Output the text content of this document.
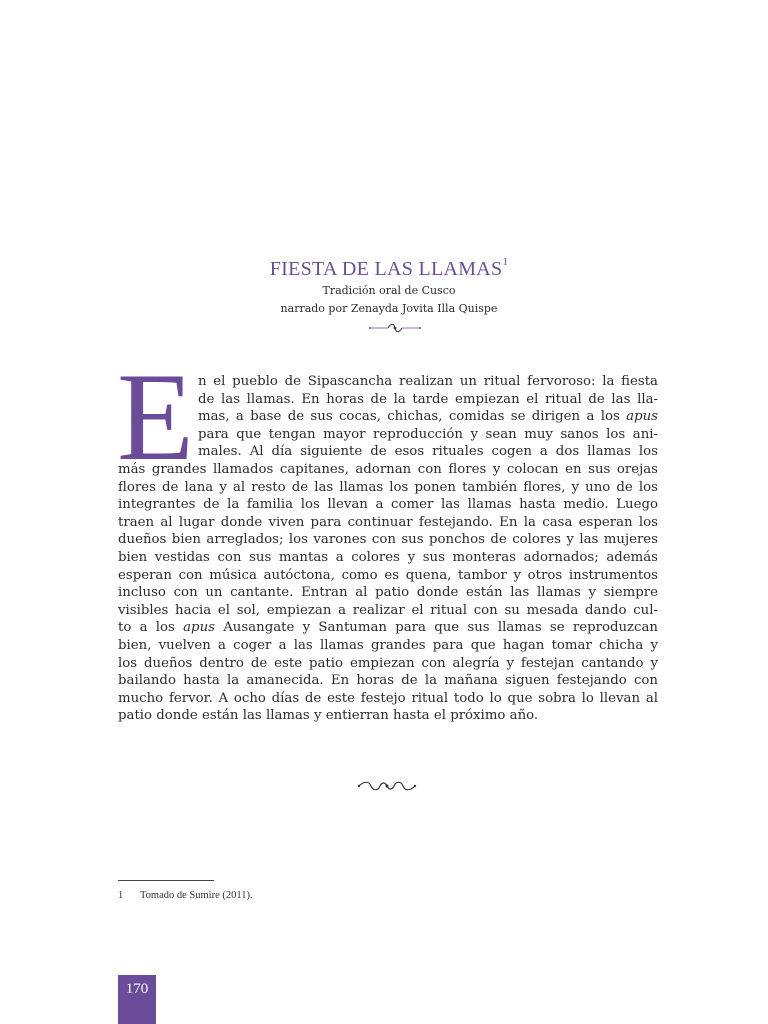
FIESTA DE LAS LLAMAS$^1$
Tradición oral de Cusco
narrado por Zenayda Jovita Illa Quispe
E n el pueblo de Sipascancha realizan un ritual fervoroso: la fiesta
de las llamas. En horas de la tarde empiezan el ritual de las lla-
mas, a base de sus cocas, chichas, comidas se dirigen a los apus
para que tengan mayor reproducción y sean muy sanos los ani-
males. Al día siguiente de esos rituales cogen a dos llamas los
más grandes llamados capitanes, adornan con flores y colocan en sus orejas
flores de lana y al resto de las llamas los ponen también flores, y uno de los
integrantes de la familia los llevan a comer las llamas hasta medio. Luego
traen al lugar donde viven para continuar festejando. En la casa esperan los
dueños bien arreglados; los varones con sus ponchos de colores y las mujeres
bien vestidas con sus mantas a colores y sus monteras adornados; además
esperan con música autóctona, como es quena, tambor y otros instrumentos
incluso con un cantante. Entran al patio donde están las llamas y siempre
visibles hacia el sol, empiezan a realizar el ritual con su mesada dando cul-
to a los apus Ausangate y Santuman para que sus llamas se reproduzcan
bien, vuelven a coger a las llamas grandes para que hagan tomar chicha y
los dueños dentro de este patio empiezan con alegría y festejan cantando y
bailando hasta la amanecida. En horas de la mañana siguen festejando con
mucho fervor. A ocho días de este festejo ritual todo lo que sobra lo llevan al
patio donde están las llamas y entierran hasta el próximo año.
1 Tomado de Sumire (2011).
170
